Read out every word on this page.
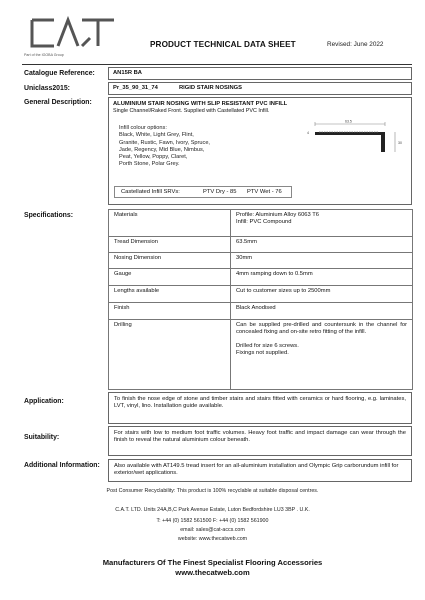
Part of the IGOBA Group
PRODUCT TECHNICAL DATA SHEET	Revised: June 2022
Catalogue Reference:	AN15R BA
Uniclass2015:	Pr_35_90_31_74	RIGID STAIR NOSINGS
General Description:	ALUMINIUM STAIR NOSING WITH SLIP RESISTANT PVC INFILL
Single Channel/Raked Front. Supplied with Castellated PVC Infill.
63.5
30
4
Infill colour options:
Black, White, Light Grey, Flint,
Granite, Rustic, Fawn, Ivory, Spruce,
Jade, Regency, Mid Blue, Nimbus,
Peat, Yellow, Poppy, Claret,
Porth Stone, Polar Grey.
Castellated Infill SRVs:	PTV Dry - 85 PTV Wet - 76
Specifications:	Materials	Profile: Aluminium Alloy 6063 T6
Infill: PVC Compound

Tread Dimension	63.5mm
Nosing Dimension	30mm
Gauge	4mm ramping down to 0.5mm
Lengths available	Cut to customer sizes up to 2500mm
Finish	Black Anodised
Drilling	Can be supplied pre-drilled and countersunk in the channel for concealed fixing and on-site retro fitting of the infill.
Drilled for size 6 screws.
Fixings not supplied.
Application:	To finish the nose edge of stone and timber stairs and stairs fitted with ceramics or hard flooring, e.g. laminates, LVT, vinyl, lino. Installation guide available.
Suitability:
For stairs with low to medium foot traffic volumes. Heavy foot traffic and impact damage can wear through the finish to reveal the natural aluminium colour beneath.
Additional Information:	Also available with AT149.5 tread insert for an all-aluminium installation and Olympic Grip carborundum infill for exterior/wet applications.
Post Consumer Recyclability: This product is 100% recyclable at suitable disposal centres.
C.A.T. LTD. Units 24A,B,C Park Avenue Estate, Luton Bedfordshire LU3 3BP . U.K.
T: +44 (0) 1582 561500 F: +44 (0) 1582 561900
email: sales@cat-accs.com
website: www.thecatweb.com
Manufacturers Of The Finest Specialist Flooring Accessories
www.thecatweb.com
